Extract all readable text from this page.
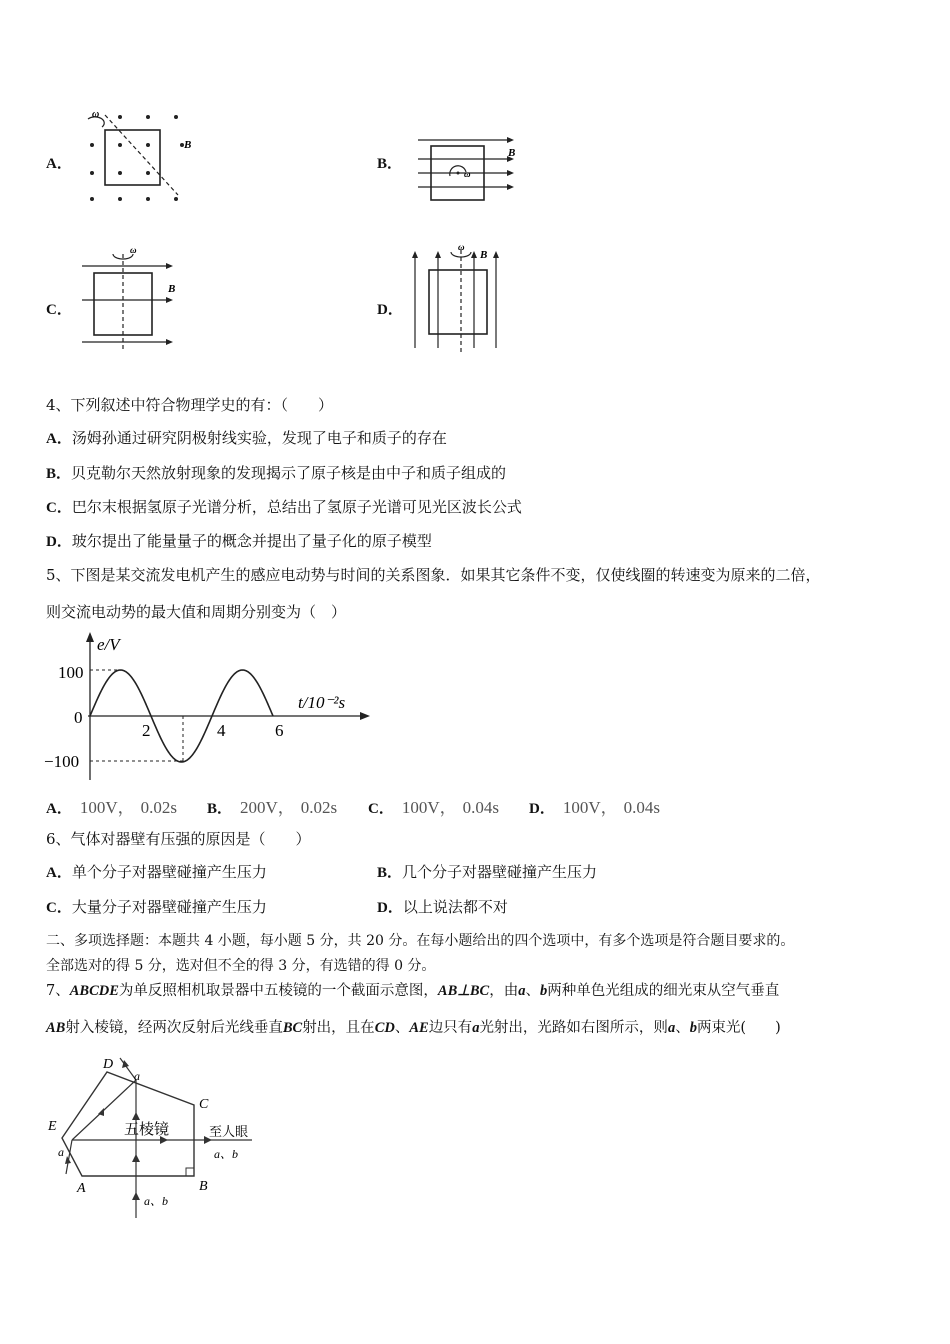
A．
ω
B
B．
ω
B
C．
ω
B
D．
ω
B
4、下列叙述中符合物理学史的有：（　　）
A．汤姆孙通过研究阴极射线实验，发现了电子和质子的存在
B．贝克勒尔天然放射现象的发现揭示了原子核是由中子和质子组成的
C．巴尔末根据氢原子光谱分析，总结出了氢原子光谱可见光区波长公式
D．玻尔提出了能量量子的概念并提出了量子化的原子模型
5、下图是某交流发电机产生的感应电动势与时间的关系图象．如果其它条件不变，仅使线圈的转速变为原来的二倍，
则交流电动势的最大值和周期分别变为（　）
e/V
t/10⁻²s
100
0
−100
2	4	6
A． 100V， 0.02s B． 200V， 0.02s C． 100V， 0.04s D． 100V， 0.04s
6、气体对器壁有压强的原因是（　　）
A．单个分子对器壁碰撞产生压力	B．几个分子对器壁碰撞产生压力
C．大量分子对器壁碰撞产生压力	D．以上说法都不对
二、多项选择题：本题共 4 小题，每小题 5 分，共 20 分。在每小题给出的四个选项中，有多个选项是符合题目要求的。
全部选对的得 5 分，选对但不全的得 3 分，有选错的得 0 分。
7、ABCDE为单反照相机取景器中五棱镜的一个截面示意图，AB⊥BC，由a、b两种单色光组成的细光束从空气垂直
AB射入棱镜，经两次反射后光线垂直BC射出，且在CD、AE边只有a光射出，光路如右图所示，则a、b两束光(　　)
D
C
E
A	B
a
a
五棱镜	至人眼
a、b
a、b
